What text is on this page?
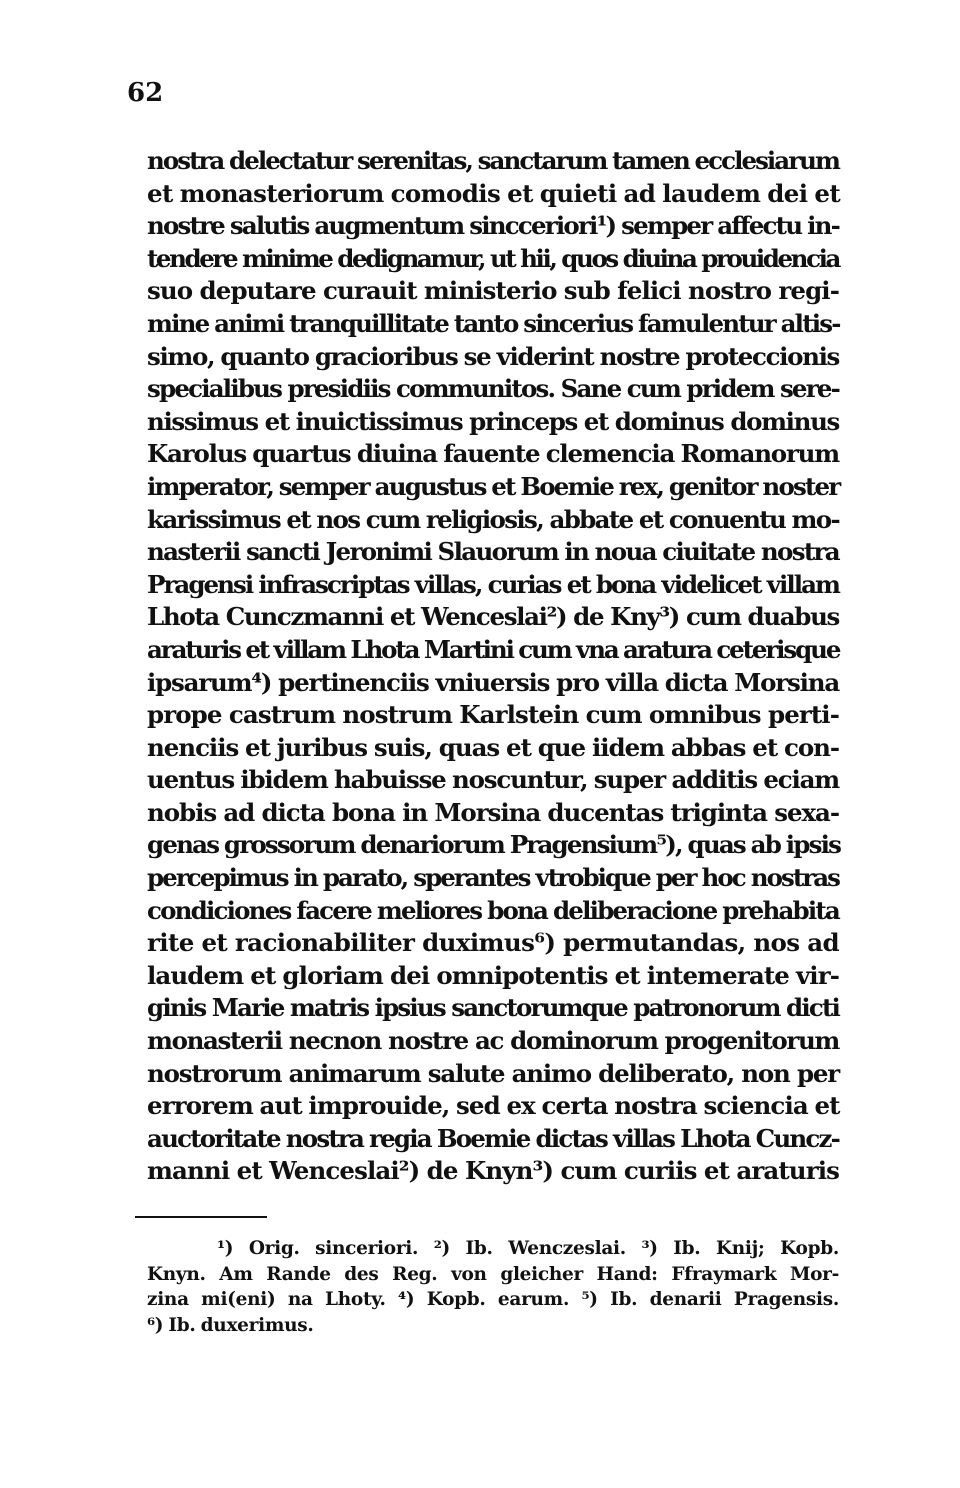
62
nostra delectatur serenitas, sanctarum tamen ecclesiarum
et monasteriorum comodis et quieti ad laudem dei et
nostre salutis augmentum sincceriori¹) semper affectu in-
tendere minime dedignamur, ut hii, quos diuina prouidencia
suo deputare curauit ministerio sub felici nostro regi-
mine animi tranquillitate tanto sincerius famulentur altis-
simo, quanto gracioribus se viderint nostre proteccionis
specialibus presidiis communitos. Sane cum pridem sere-
nissimus et inuictissimus princeps et dominus dominus
Karolus quartus diuina fauente clemencia Romanorum
imperator, semper augustus et Boemie rex, genitor noster
karissimus et nos cum religiosis, abbate et conuentu mo-
nasterii sancti Jeronimi Slauorum in noua ciuitate nostra
Pragensi infrascriptas villas, curias et bona videlicet villam
Lhota Cunczmanni et Wenceslai²) de Kny³) cum duabus
araturis et villam Lhota Martini cum vna aratura ceterisque
ipsarum⁴) pertinenciis vniuersis pro villa dicta Morsina
prope castrum nostrum Karlstein cum omnibus perti-
nenciis et juribus suis, quas et que iidem abbas et con-
uentus ibidem habuisse noscuntur, super additis eciam
nobis ad dicta bona in Morsina ducentas triginta sexa-
genas grossorum denariorum Pragensium⁵), quas ab ipsis
percepimus in parato, sperantes vtrobique per hoc nostras
condiciones facere meliores bona deliberacione prehabita
rite et racionabiliter duximus⁶) permutandas, nos ad
laudem et gloriam dei omnipotentis et intemerate vir-
ginis Marie matris ipsius sanctorumque patronorum dicti
monasterii necnon nostre ac dominorum progenitorum
nostrorum animarum salute animo deliberato, non per
errorem aut improuide, sed ex certa nostra sciencia et
auctoritate nostra regia Boemie dictas villas Lhota Cuncz-
manni et Wenceslai²) de Knyn³) cum curiis et araturis
¹) Orig. sinceriori. ²) Ib. Wenczeslai. ³) Ib. Knij; Kopb.
Knyn. Am Rande des Reg. von gleicher Hand: Ffraymark Mor-
zina mi(eni) na Lhoty. ⁴) Kopb. earum. ⁵) Ib. denarii Pragensis.
⁶) Ib. duxerimus.
